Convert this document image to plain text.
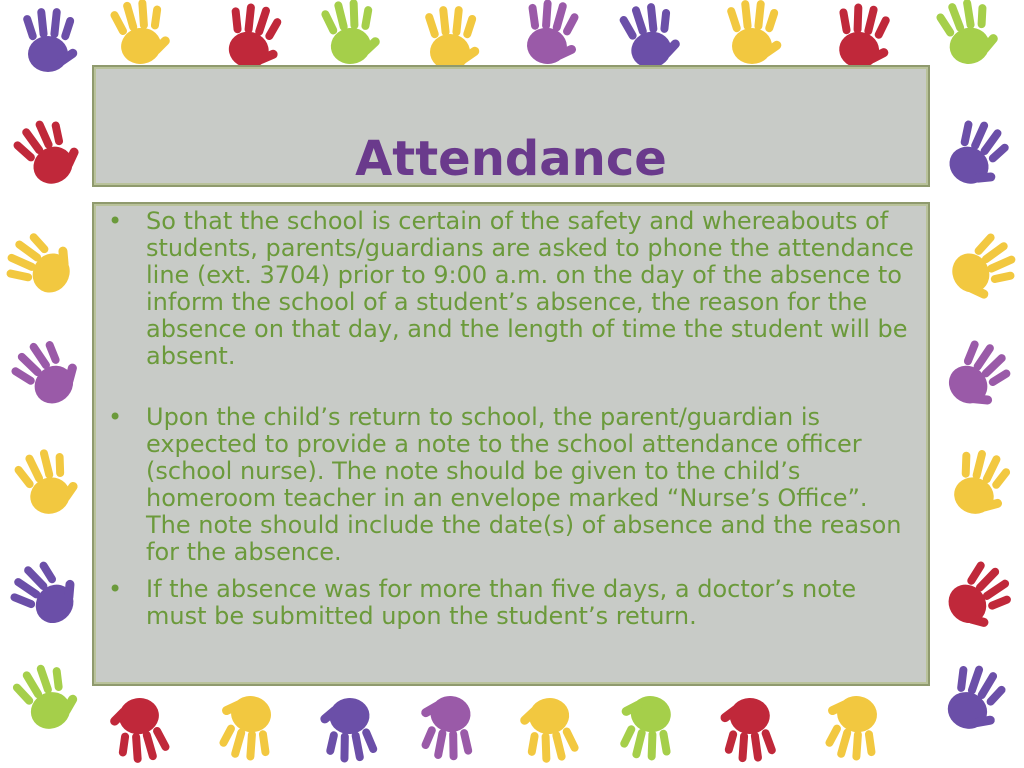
Attendance
• So that the school is certain of the safety and whereabouts of students, parents/guardians are asked to phone the attendance line (ext. 3704) prior to 9:00 a.m. on the day of the absence to inform the school of a student’s absence, the reason for the absence on that day, and the length of time the student will be absent.
• Upon the child’s return to school, the parent/guardian is expected to provide a note to the school attendance officer (school nurse). The note should be given to the child’s homeroom teacher in an envelope marked “Nurse’s Office”. The note should include the date(s) of absence and the reason for the absence.
• If the absence was for more than five days, a doctor’s note must be submitted upon the student’s return.
